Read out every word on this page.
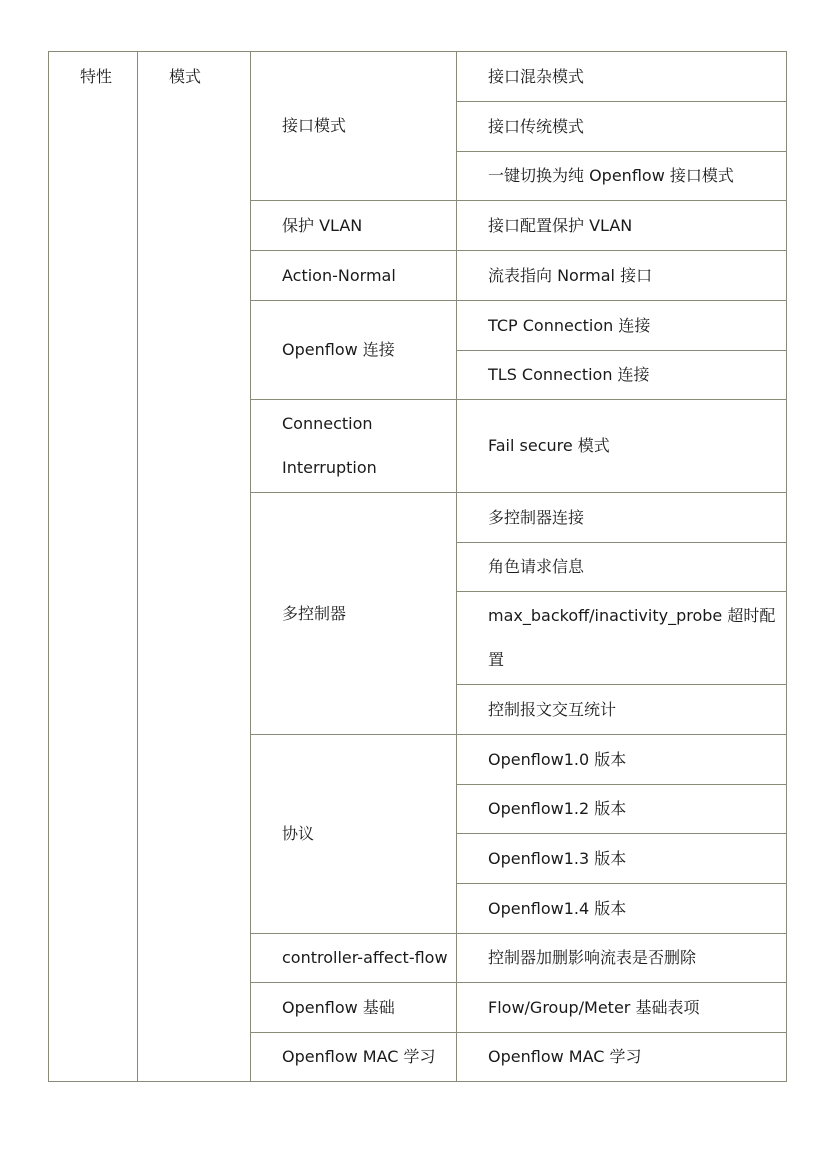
特性	模式	接口模式	接口混杂模式
			接口传统模式
			一键切换为纯 Openflow 接口模式
		保护 VLAN	接口配置保护 VLAN
		Action-Normal	流表指向 Normal 接口
		Openflow 连接	TCP Connection 连接
			TLS Connection 连接
		Connection
Interruption	Fail secure 模式
		多控制器	多控制器连接
			角色请求信息
			max_backoff/inactivity_probe 超时配置
			控制报文交互统计
		协议	Openflow1.0 版本
			Openflow1.2 版本
			Openflow1.3 版本
			Openflow1.4 版本
		controller-affect-flow	控制器加删影响流表是否删除
		Openflow 基础	Flow/Group/Meter 基础表项
		Openflow MAC 学习	Openflow MAC 学习
